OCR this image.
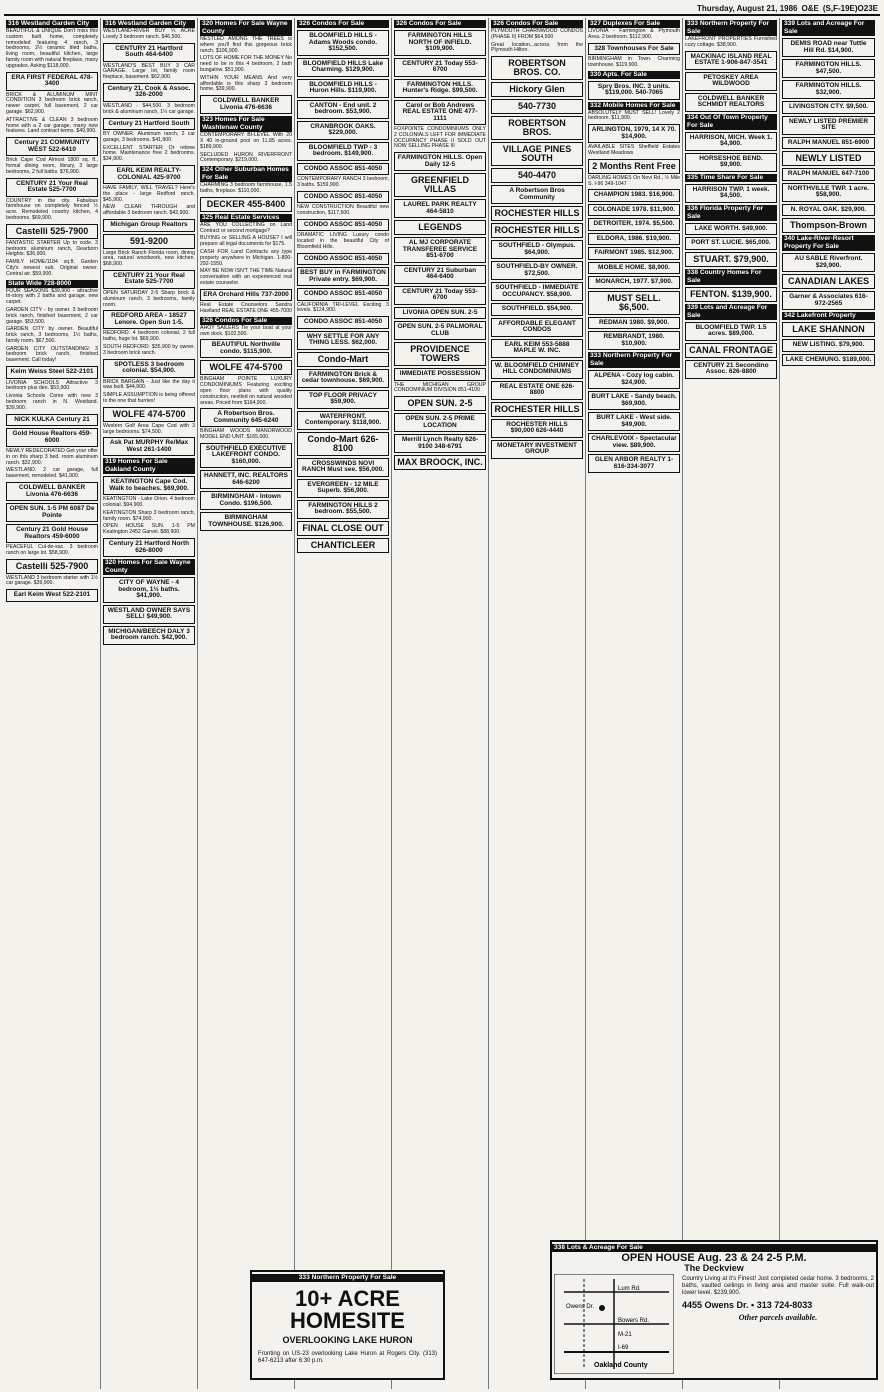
Thursday, August 21, 1986 O&E (S,F-19E)O23E
316 Westland Garden City
BEAUTIFUL & UNIQUE Don't miss this custom built home, completely remodeled featuring 4 ranch, 3 bedrooms, 2½ ceramic tiled baths, living room, beautiful kitchen, large family room with natural fireplace, many upgrades. Asking $118,000.
ERA FIRST FEDERAL 478-3400
BRICK & ALUMINUM MINT CONDITION 3 bedroom brick ranch, newer carpet, full basement, 2 car garage. $62,900.
ATTRACTIVE & CLEAN 3 bedroom home with a 2 car garage, many new features. Land contract terms. $49,900.
Century 21 COMMUNITY WEST 522-6410
Brick Cape Cod Almost 1800 sq. ft., formal dining room, library, 3 large bedrooms, 2 full baths. $76,900.
CENTURY 21 Your Real Estate 525-7700
COUNTRY in the city. Fabulous farmhouse on completely fenced ½ acre. Remodeled country kitchen, 4 bedrooms. $69,900.
Castelli 525-7900
FANTASTIC STARTER Up to code. 3 bedroom aluminum ranch, Dearborn Heights. $36,900.
FAMILY HOME/1184 sq.ft. Garden City's newest sub. Original owner. Central air. $59,900.
State Wide 728-8000
FOUR SEASONS $39,900 - attractive tri-story with 2 baths and garage, new carpet.
GARDEN CITY - by owner. 3 bedroom brick ranch, finished basement, 2 car garage. $53,500.
GARDEN CITY by owner. Beautiful brick ranch, 3 bedrooms, 1½ baths, family room. $67,500.
GARDEN CITY OUTSTANDING! 3 bedroom brick ranch, finished basement. Call today!
Keim Weiss Steel 522-2101
LIVONIA SCHOOLS Attractive 3 bedroom plus den. $53,900.
Livonia Schools Come with new 3 bedroom ranch in N. Westland. $39,900.
NICK KULKA Century 21
Gold House Realtors 459-6000
NEWLY REDECORATED Get your offer in on this sharp 3 bed. room aluminum ranch. $32,900.
WESTLAND. 2 car garage, full basement, remodeled. $41,900.
COLDWELL BANKER Livonia 476-6636
OPEN SUN. 1-5 PM 6087 De Pointe
Century 21 Gold House Realtors 459-6000
PEACEFUL Cul-de-sac. 3 bedroom ranch on large lot. $58,900.
Castelli 525-7900
WESTLAND 3 bedroom starter with 1½ car garage. $39,900.
Earl Keim West 522-2101
316 Westland Garden City
WESTLAND-RIVER BUY ¼ ACRE Lovely 3 bedroom ranch. $46,500.
CENTURY 21 Hartford South 464-6400
WESTLAND'S BEST BUY 3 CAR GARAGE. Large lot, family room fireplace, basement. $62,900.
Century 21, Cook & Assoc. 326-2000
WESTLAND - $44,500. 3 bedroom brick & aluminum ranch, 1½ car garage.
Century 21 Hartford South
BY OWNER. Aluminum ranch, 2 car garage, 3 bedrooms. $41,900.
EXCELLENT STARTER Or retiree home. Maintenance free 2 bedrooms. $34,900.
EARL KEIM REALTY-COLONIAL 425-9700
HAVE FAMILY, WILL TRAVEL? Here's the place - large Redford ranch. $45,900.
NEW CLEAR THROUGH and affordable 3 bedroom ranch. $42,900.
Michigan Group Realtors
591-9200
Large Brick Ranch Florida room, dining area, natural woodwork, new kitchen. $68,900.
CENTURY 21 Your Real Estate 525-7700
OPEN SATURDAY 2-5 Sharp brick & aluminum ranch, 3 bedrooms, family room.
REDFORD AREA - 18527 Lenore. Open Sun 1-5.
REDFORD. 4 bedroom colonial, 2 full baths, huge lot. $69,900.
SOUTH REDFORD. $35,900 by owner. 3 bedroom brick ranch.
SPOTLESS 3 bedroom colonial. $54,900.
BRICK BARGAIN - Just like the day it was built. $44,900.
SIMPLE ASSUMPTION is being offered to the one that hurries!
WOLFE 474-5700
Western Golf Area Cape Cod with 3 large bedrooms. $74,500.
Ask Pat MURPHY Re/Max West 261-1400
319 Homes For Sale Oakland County
KEATINGTON Cape Cod. Walk to beaches. $69,900.
KEATINGTON - Lake Orion. 4 bedroom colonial. $94,900.
KEATINGTON Sharp 3 bedroom ranch, family room. $74,900.
OPEN HOUSE SUN. 1-5 PM Keatington 2452 Garvel. $88,900.
Century 21 Hartford North 626-8000
320 Homes For Sale Wayne County
CITY OF WAYNE - 4 bedroom, 1½ baths. $41,900.
WESTLAND OWNER SAYS SELL! $49,900.
MICHIGAN/BEECH DALY 3 bedroom ranch. $42,900.
320 Homes For Sale Wayne County
NESTLED AMONG THE TREES is where you'll find this gorgeous brick ranch. $106,900.
LOTS OF HOME FOR THE MONEY No need to be in this 4 bedroom, 2 bath bungalow. $51,900.
WITHIN YOUR MEANS And very affordable is this sharp 3 bedroom home. $39,900.
COLDWELL BANKER Livonia 476-6636
323 Homes For Sale Washtenaw County
CONTEMPORARY BI-LEVEL With 20 X 40 in-ground pool on 11.85 acres. $189,900.
SECLUDED HURON RIVERFRONT Contemporary. $219,000.
324 Other Suburban Homes For Sale
CHARMING 3 bedroom farmhouse, 1.5 baths, fireplace. $110,000.
DECKER 455-8400
325 Real Estate Services
ARE YOU COLLECTING on Land Contract or second mortgage?
BUYING or SELLING A HOUSE? I will prepare all legal documents for $175.
CASH FOR Land Contracts any type property anywhere in Michigan. 1-800-292-1550.
MAY BE NOW ISN'T THE TIME Natural conversation with an experienced real estate counselor.
ERA Orchard Hills 737-2000
Real Estate Counselors Sandra Havlland REAL ESTATE ONE 455-7000
326 Condos For Sale
AHOY SAILERS Tie your boat at your own dock. $102,500.
BEAUTIFUL Northville condo. $115,900.
WOLFE 474-5700
BINGHAM POINTE LUXURY CONDOMINIUMS Featuring exciting open floor plans with quality construction, nestled on natural wooded areas. Priced from $164,900.
A Robertson Bros. Community 645-6240
BINGHAM WOODS MANORWOOD MODEL END UNIT. $165,000.
SOUTHFIELD EXECUTIVE LAKEFRONT CONDO. $160,000.
HANNETT, INC. REALTORS 646-6200
BIRMINGHAM - Intown Condo. $196,500.
BIRMINGHAM TOWNHOUSE. $126,900.
326 Condos For Sale
BLOOMFIELD HILLS - Adams Woods condo. $152,500.
BLOOMFIELD HILLS Lake Charming. $129,900.
BLOOMFIELD HILLS - Huron Hills. $119,900.
CANTON - End unit. 2 bedroom. $53,900.
CRANBROOK OAKS. $229,000.
BLOOMFIELD TWP - 3 bedroom. $149,900.
CONDO ASSOC 851-4050
CONTEMPORARY RANCH 3 bedroom, 3 baths. $159,900.
CONDO ASSOC 851-4050
NEW CONSTRUCTION Beautiful new construction. $117,500.
CONDO ASSOC 851-4050
DRAMATIC LIVING Luxury condo located in the beautiful City of Bloomfield Hills.
CONDO ASSOC 851-4050
BEST BUY in FARMINGTON Private entry. $69,900.
CONDO ASSOC 851-4050
CALIFORNIA TRI-LEVEL Exciting 3 levels. $124,900.
CONDO ASSOC 851-4050
WHY SETTLE FOR ANY THING LESS. $62,000.
Condo-Mart
FARMINGTON Brick & cedar townhouse. $69,900.
TOP FLOOR PRIVACY $59,900.
WATERFRONT. Contemporary. $118,900.
Condo-Mart 626-8100
CROSSWINDS NOVI RANCH Must see. $56,000.
EVERGREEN - 12 MILE Superb. $56,900.
FARMINGTON HILLS 2 bedroom. $55,500.
FINAL CLOSE OUT
CHANTICLEER
326 Condos For Sale
FARMINGTON HILLS NORTH OF INFIELD. $109,900.
CENTURY 21 Today 553-6700
FARMINGTON HILLS. Hunter's Ridge. $99,500.
Carol or Bob Andrews REAL ESTATE ONE 477-1111
FOXPOINTE CONDOMINIUMS ONLY 2 COLONIALS LEFT FOR IMMEDIATE OCCUPANCY PHASE II SOLD OUT NOW SELLING PHASE III
FARMINGTON HILLS. Open Daily 12-5
GREENFIELD VILLAS
LAUREL PARK REALTY 464-5810
LEGENDS
AL MJ CORPORATE TRANSFEREE SERVICE 851-6700
CENTURY 21 Suburban 464-6400
CENTURY 21 Today 553-6700
LIVONIA OPEN SUN. 2-5
OPEN SUN. 2-5 PALMORAL CLUB
PROVIDENCE TOWERS
IMMEDIATE POSSESSION
THE MICHIGAN GROUP CONDOMINIUM DIVISION 851-4100
OPEN SUN. 2-5
OPEN SUN. 2-5 PRIME LOCATION
Merrill Lynch Realty 626-9100 348-6791
MAX BROOCK, INC.
326 Condos For Sale
PLYMOUTH CHARNWOOD CONDOS (PHASE II) FROM $64,500
Great location...across from the Plymouth Hilton.
ROBERTSON BROS. CO.
Hickory Glen
540-7730
ROBERTSON BROS.
VILLAGE PINES SOUTH
540-4470
A Robertson Bros Community
ROCHESTER HILLS
ROCHESTER HILLS
SOUTHFIELD - Olympus. $64,900.
SOUTHFIELD-BY OWNER. $72,500.
SOUTHFIELD - IMMEDIATE OCCUPANCY. $58,900.
SOUTHFIELD. $54,900.
AFFORDABLE ELEGANT CONDOS
EARL KEIM 553-5888 MAPLE W. INC.
W. BLOOMFIELD CHIMNEY HILL CONDOMINIUMS
REAL ESTATE ONE 626-8800
ROCHESTER HILLS
ROCHESTER HILLS $90,000 626-4440
MONETARY INVESTMENT GROUP
327 Duplexes For Sale
LIVONIA - Farmington & Plymouth Area. 2 bedroom. $112,900.
328 Townhouses For Sale
BIRMINGHAM in Town. Charming townhouse. $119,900.
330 Apts. For Sale
Spry Bros. INC. 3 units. $119,000. 540-7065
332 Mobile Homes For Sale
ABSOLUTELY MUST SELL! Lovely 2 bedroom. $11,900.
ARLINGTON, 1979, 14 X 70. $14,900.
AVAILABLE SITES Sheffield Estates Westland Meadows
2 Months Rent Free
DARLING HOMES On Novi Rd., ½ Mile S. I-96 349-1047
CHAMPION 1983. $16,900.
COLONADE 1978. $11,900.
DETROITER, 1974. $5,500.
ELDORA, 1986. $19,900.
FAIRMONT 1985. $12,900.
MOBILE HOME. $8,900.
MONARCH, 1977. $7,900.
MUST SELL. $6,500.
REDMAN 1980. $9,900.
REMBRANDT, 1980. $10,900.
333 Northern Property For Sale
ALPENA - Cozy log cabin. $24,900.
BURT LAKE - Sandy beach. $69,900.
BURT LAKE - West side. $49,900.
CHARLEVOIX - Spectacular view. $89,900.
GLEN ARBOR REALTY 1-616-334-3077
333 Northern Property For Sale
LAKEFRONT PROPERTIES Furnished cozy cottage. $38,900.
MACKINAC ISLAND REAL ESTATE 1-906-847-3541
PETOSKEY AREA WILDWOOD
COLDWELL BANKER SCHMIDT REALTORS
334 Out Of Town Property For Sale
HARRISON, MICH. Week 1. $4,900.
HORSESHOE BEND. $9,900.
335 Time Share For Sale
HARRISON TWP. 1 week. $4,500.
336 Florida Property For Sale
LAKE WORTH. $49,900.
PORT ST. LUCIE. $65,000.
STUART. $79,900.
338 Country Homes For Sale
FENTON. $139,900.
339 Lots and Acreage For Sale
BLOOMFIELD TWP. 1.5 acres. $89,000.
CANAL FRONTAGE
CENTURY 21 Secondino Assoc. 626-8800
339 Lots and Acreage For Sale
DEMIS ROAD near Tuttle Hill Rd. $14,900.
FARMINGTON HILLS. $47,500.
FARMINGTON HILLS. $32,900.
LIVINGSTON CTY. $9,500.
NEWLY LISTED PREMIER SITE
RALPH MANUEL 851-6900
NEWLY LISTED
RALPH MANUEL 647-7100
NORTHVILLE TWP. 1 acre. $58,900.
N. ROYAL OAK. $29,900.
Thompson-Brown
340 Lake-River-Resort Property For Sale
AU SABLE Riverfront. $29,900.
CANADIAN LAKES
Garner & Associates 616-972-2565
342 Lakefront Property
LAKE SHANNON
NEW LISTING. $79,900.
LAKE CHEMUNG. $189,000.
333 Northern Property For Sale
10+ ACRE HOMESITE
OVERLOOKING LAKE HURON
Fronting on US-23 overlooking Lake Huron at Rogers City. (313) 647-6213 after 6:30 p.m.
338 Lots & Acreage For Sale
OPEN HOUSE Aug. 23 & 24 2-5 P.M.
The Deckview
Lum Rd.
Owens Dr.
Bowers Rd.
M-21
I-69
Oakland County
Country Living at it's Finest! Just completed cedar home. 3 bedrooms, 2 baths, vaulted ceilings in living area and master suite. Full walk-out lower level. $239,900.
4455 Owens Dr. • 313 724-8033
Other parcels available.
